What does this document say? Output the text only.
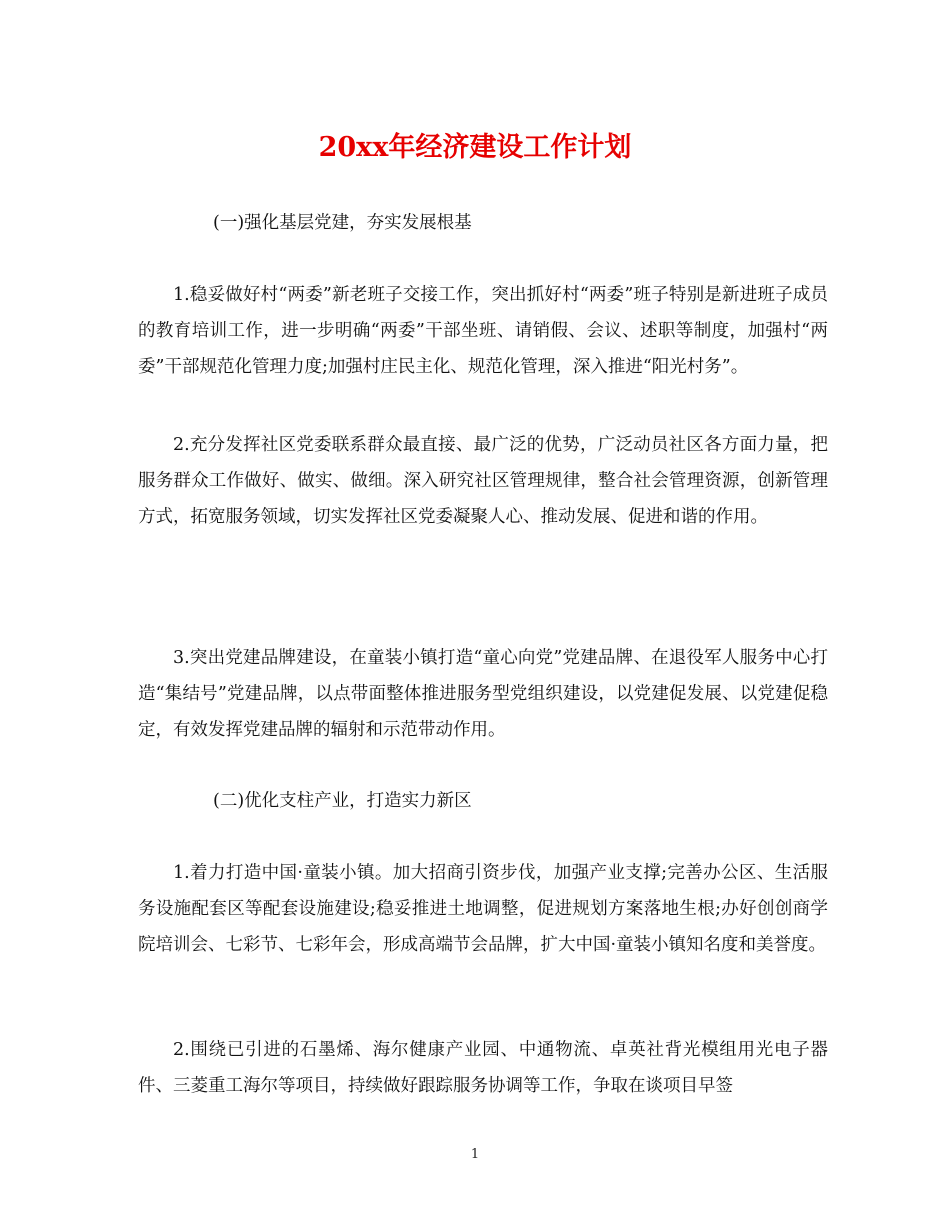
20xx年经济建设工作计划
(一)强化基层党建，夯实发展根基

1.稳妥做好村“两委”新老班子交接工作，突出抓好村“两委”班子特别是新进班子成员的教育培训工作，进一步明确“两委”干部坐班、请销假、会议、述职等制度，加强村“两委”干部规范化管理力度;加强村庄民主化、规范化管理，深入推进“阳光村务”。

2.充分发挥社区党委联系群众最直接、最广泛的优势，广泛动员社区各方面力量，把服务群众工作做好、做实、做细。深入研究社区管理规律，整合社会管理资源，创新管理方式，拓宽服务领域，切实发挥社区党委凝聚人心、推动发展、促进和谐的作用。

3.突出党建品牌建设，在童装小镇打造“童心向党”党建品牌、在退役军人服务中心打造“集结号”党建品牌，以点带面整体推进服务型党组织建设，以党建促发展、以党建促稳定，有效发挥党建品牌的辐射和示范带动作用。

(二)优化支柱产业，打造实力新区

1.着力打造中国·童装小镇。加大招商引资步伐，加强产业支撑;完善办公区、生活服务设施配套区等配套设施建设;稳妥推进土地调整，促进规划方案落地生根;办好创创商学院培训会、七彩节、七彩年会，形成高端节会品牌，扩大中国·童装小镇知名度和美誉度。

2.围绕已引进的石墨烯、海尔健康产业园、中通物流、卓英社背光模组用光电子器件、三菱重工海尔等项目，持续做好跟踪服务协调等工作，争取在谈项目早签

1
